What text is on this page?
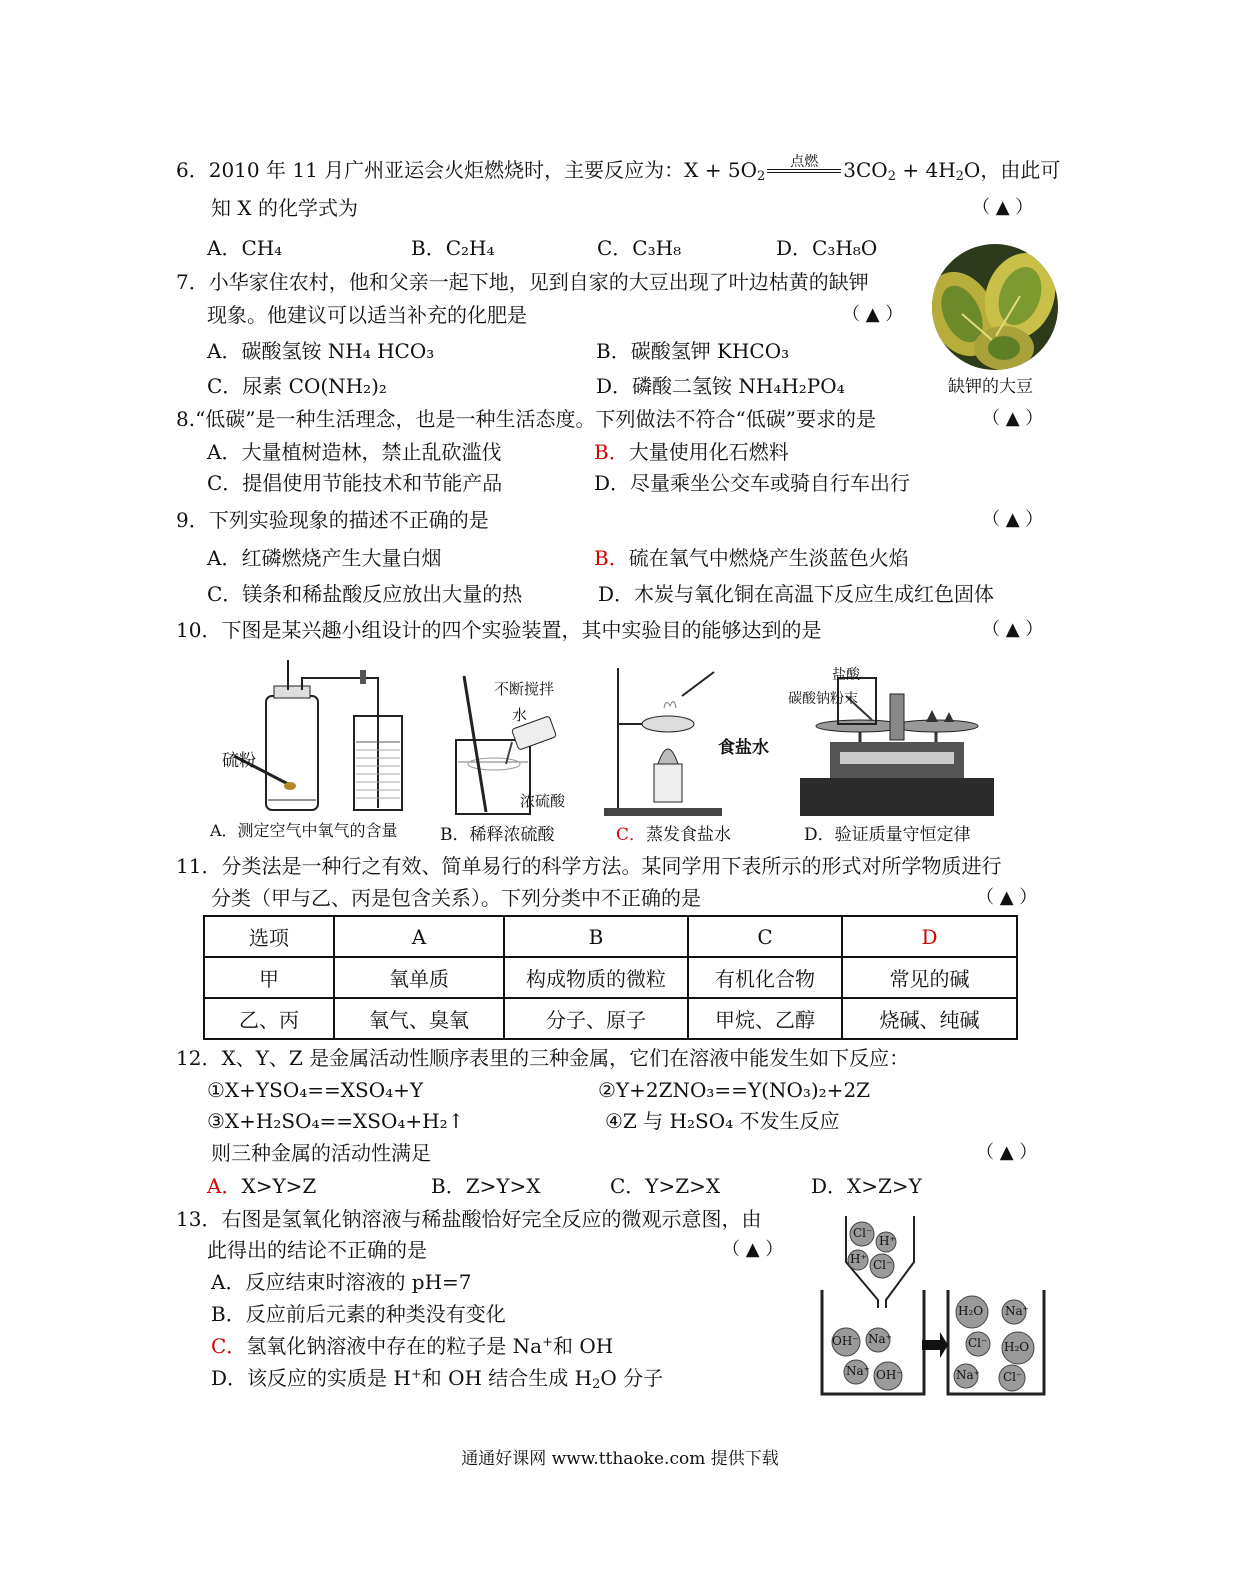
6．2010 年 11 月广州亚运会火炬燃烧时，主要反应为：$X + 5O_2$
点燃	$3CO_2 + 4H_2O$，由此可
知 X 的化学式为	（ ▲ ）
A．CH₄	B．C₂H₄	C．C₃H₈	D．C₃H₈O
7．小华家住农村，他和父亲一起下地，见到自家的大豆出现了叶边枯黄的缺钾
现象。他建议可以适当补充的化肥是	（ ▲ ）
A．碳酸氢铵 NH₄ HCO₃	B．碳酸氢钾 KHCO₃
C．尿素 CO(NH₂)₂	D．磷酸二氢铵 NH₄H₂PO₄	缺钾的大豆
8.“低碳”是一种生活理念，也是一种生活态度。下列做法不符合“低碳”要求的是	（ ▲ ）
A．大量植树造林，禁止乱砍滥伐	B．大量使用化石燃料
C．提倡使用节能技术和节能产品	D．尽量乘坐公交车或骑自行车出行
9．下列实验现象的描述不正确的是	（ ▲ ）
A．红磷燃烧产生大量白烟	B．硫在氧气中燃烧产生淡蓝色火焰
C．镁条和稀盐酸反应放出大量的热	D．木炭与氧化铜在高温下反应生成红色固体
10．下图是某兴趣小组设计的四个实验装置，其中实验目的能够达到的是	（ ▲ ）
硫粉
A．测定空气中氧气的含量
不断搅拌
水
浓硫酸
B．稀释浓硫酸
食盐水
C．蒸发食盐水
盐酸
碳酸钠粉末
D．验证质量守恒定律
11．分类法是一种行之有效、简单易行的科学方法。某同学用下表所示的形式对所学物质进行
分类（甲与乙、丙是包含关系）。下列分类中不正确的是	（ ▲ ）
选项	A	B	C	D
甲	氧单质	构成物质的微粒	有机化合物	常见的碱
乙、丙	氧气、臭氧	分子、原子	甲烷、乙醇	烧碱、纯碱
12．X、Y、Z 是金属活动性顺序表里的三种金属，它们在溶液中能发生如下反应：
①X+YSO₄==XSO₄+Y	②Y+2ZNO₃==Y(NO₃)₂+2Z
③X+H₂SO₄==XSO₄+H₂↑	④Z 与 H₂SO₄ 不发生反应
则三种金属的活动性满足	（ ▲ ）
A．X>Y>Z	B．Z>Y>X	C．Y>Z>X	D．X>Z>Y
13．右图是氢氧化钠溶液与稀盐酸恰好完全反应的微观示意图，由
此得出的结论不正确的是	（ ▲ ）
A．反应结束时溶液的 pH=7
B．反应前后元素的种类没有变化
C．氢氧化钠溶液中存在的粒子是 Na+和 OH
D．该反应的实质是 H+和 OH 结合生成 $H_2O$ 分子
Cl⁻
H⁺
H⁺ Cl⁻
OH⁻ Na⁺
Na⁺ OH⁻
H₂O Na⁺
Cl⁻ H₂O
Na⁺ Cl⁻
通通好课网 www.tthaoke.com 提供下载
